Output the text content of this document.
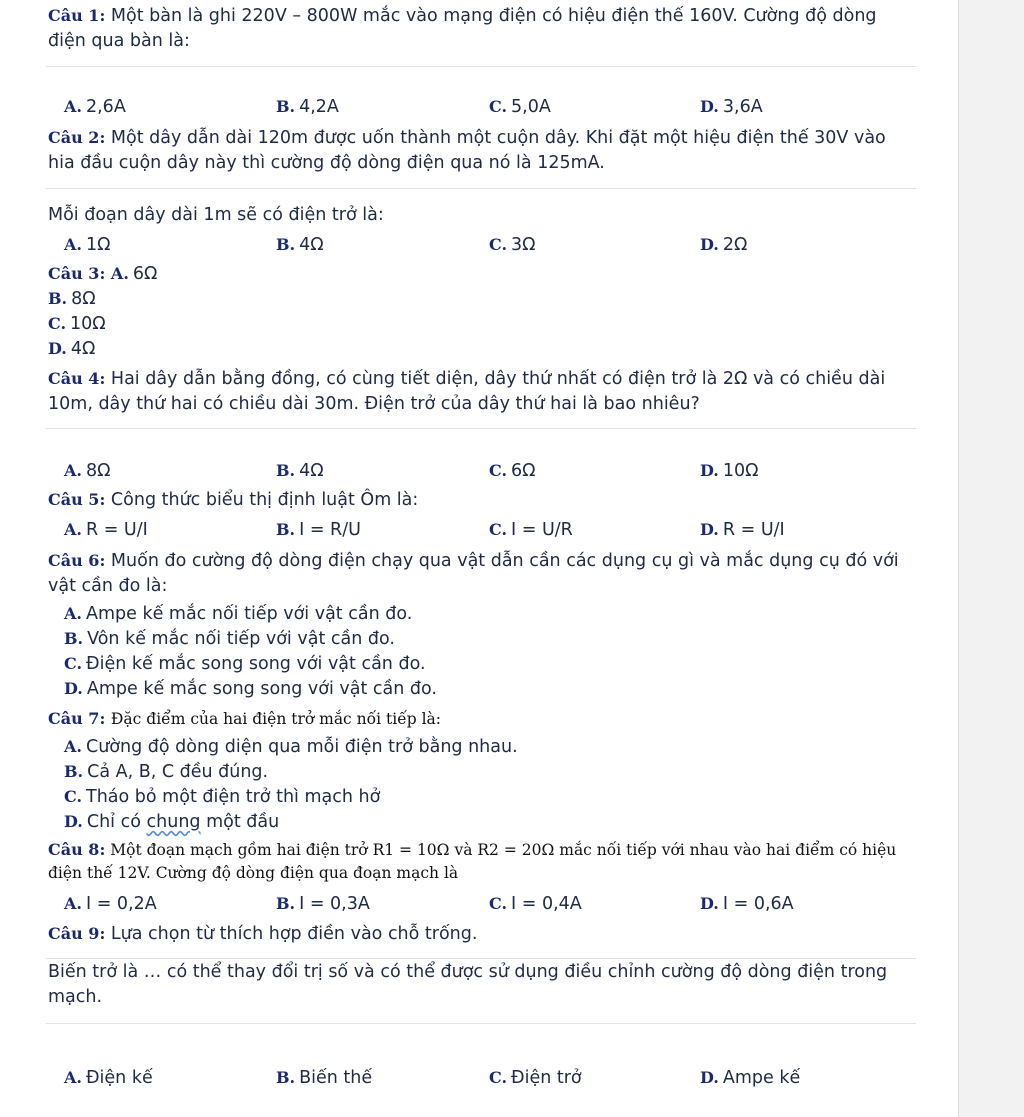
Câu 1: Một bàn là ghi 220V – 800W mắc vào mạng điện có hiệu điện thế 160V. Cường độ dòng điện qua bàn là:
A. 2,6A	B. 4,2A	C. 5,0A	D. 3,6A
Câu 2: Một dây dẫn dài 120m được uốn thành một cuộn dây. Khi đặt một hiệu điện thế 30V vào hia đầu cuộn dây này thì cường độ dòng điện qua nó là 125mA.
Mỗi đoạn dây dài 1m sẽ có điện trở là:
A. 1Ω	B. 4Ω	C. 3Ω	D. 2Ω
Câu 3: A. 6Ω
B. 8Ω
C. 10Ω
D. 4Ω
Câu 4: Hai dây dẫn bằng đồng, có cùng tiết diện, dây thứ nhất có điện trở là 2Ω và có chiều dài 10m, dây thứ hai có chiều dài 30m. Điện trở của dây thứ hai là bao nhiêu?
A. 8Ω	B. 4Ω	C. 6Ω	D. 10Ω
Câu 5: Công thức biểu thị định luật Ôm là:
A. R = U/I	B. I = R/U	C. I = U/R	D. R = U/I
Câu 6: Muốn đo cường độ dòng điện chạy qua vật dẫn cần các dụng cụ gì và mắc dụng cụ đó với vật cần đo là:
A. Ampe kế mắc nối tiếp với vật cần đo.
B. Vôn kế mắc nối tiếp với vật cần đo.
C. Điện kế mắc song song với vật cần đo.
D. Ampe kế mắc song song với vật cần đo.
Câu 7: Đặc điểm của hai điện trở mắc nối tiếp là:
A. Cường độ dòng diện qua mỗi điện trở bằng nhau.
B. Cả A, B, C đều đúng.
C. Tháo bỏ một điện trở thì mạch hở
D. Chỉ có chung một đầu
Câu 8: Một đoạn mạch gồm hai điện trở R1 = 10Ω và R2 = 20Ω mắc nối tiếp với nhau vào hai điểm có hiệu điện thế 12V. Cường độ dòng điện qua đoạn mạch là
A. I = 0,2A	B. I = 0,3A	C. I = 0,4A	D. I = 0,6A
Câu 9: Lựa chọn từ thích hợp điền vào chỗ trống.
Biến trở là … có thể thay đổi trị số và có thể được sử dụng điều chỉnh cường độ dòng điện trong mạch.
A. Điện kế	B. Biến thế	C. Điện trở	D. Ampe kế
